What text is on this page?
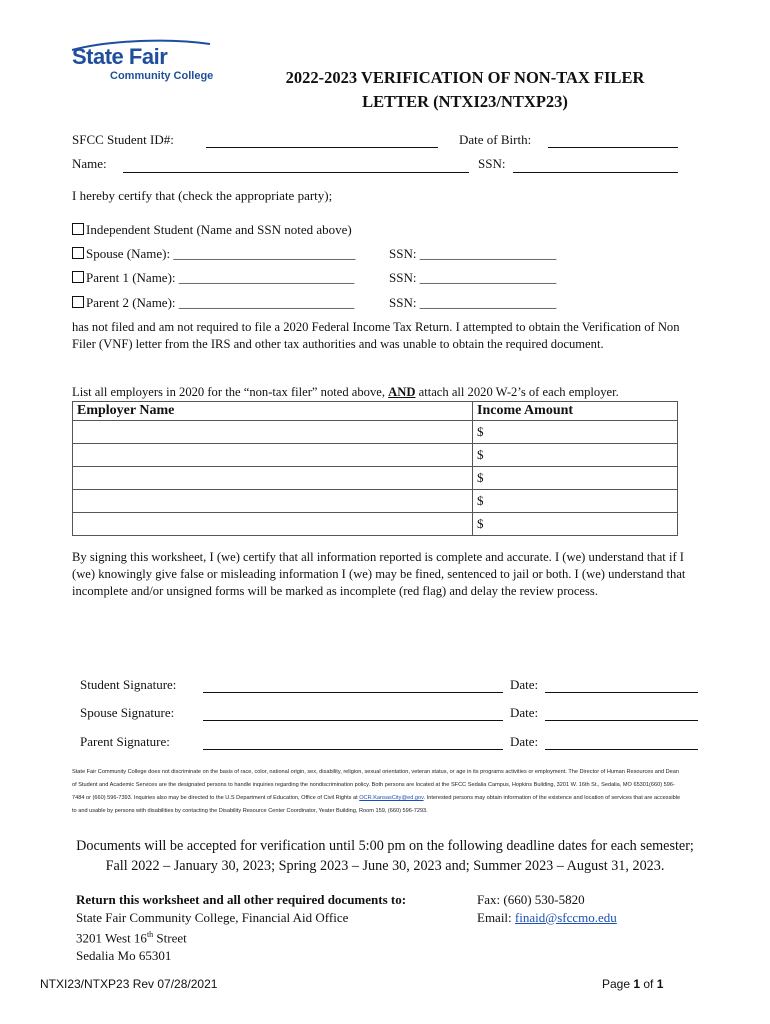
State Fair
Community College	2022-2023 VERIFICATION OF NON-TAX FILER
LETTER (NTXI23/NTXP23)
SFCC Student ID#:	Date of Birth:
Name:	SSN:
I hereby certify that (check the appropriate party);
Independent Student (Name and SSN noted above)
Spouse (Name): ____________________________	SSN: _____________________
Parent 1 (Name): ___________________________	SSN: _____________________
Parent 2 (Name): ___________________________	SSN: _____________________
has not filed and am not required to file a 2020 Federal Income Tax Return. I attempted to obtain the Verification of Non Filer (VNF) letter from the IRS and other tax authorities and was unable to obtain the required document.
List all employers in 2020 for the “non-tax filer” noted above, AND attach all 2020 W-2’s of each employer.
Employer Name	Income Amount
	$
	$
	$
	$
	$
By signing this worksheet, I (we) certify that all information reported is complete and accurate. I (we) understand that if I (we) knowingly give false or misleading information I (we) may be fined, sentenced to jail or both. I (we) understand that incomplete and/or unsigned forms will be marked as incomplete (red flag) and delay the review process.
Student Signature:	Date:
Spouse Signature:	Date:
Parent Signature:	Date:
State Fair Community College does not discriminate on the basis of race, color, national origin, sex, disability, religion, sexual orientation, veteran status, or age in its programs activities or employment. The Director of Human Resources and Dean of Student and Academic Services are the designated persons to handle inquiries regarding the nondiscrimination policy. Both persons are located at the SFCC Sedalia Campus, Hopkins Building, 3201 W. 16th St., Sedalia, MO 65301(660) 596-7484 or (660) 596-7393. Inquiries also may be directed to the U.S Department of Education, Office of Civil Rights at OCR.KansasCity@ed.gov. Interested persons may obtain information of the existence and location of services that are accessible to and usable by persons with disabilities by contacting the Disability Resource Center Coordinator, Yeater Building, Room 159, (660) 596-7293.
Documents will be accepted for verification until 5:00 pm on the following deadline dates for each semester;
Fall 2022 – January 30, 2023; Spring 2023 – June 30, 2023 and; Summer 2023 – August 31, 2023.
Return this worksheet and all other required documents to:
State Fair Community College, Financial Aid Office
3201 West 16th Street
Sedalia Mo 65301
Fax: (660) 530-5820
Email: finaid@sfccmo.edu
NTXI23/NTXP23 Rev 07/28/2021	Page 1 of 1
